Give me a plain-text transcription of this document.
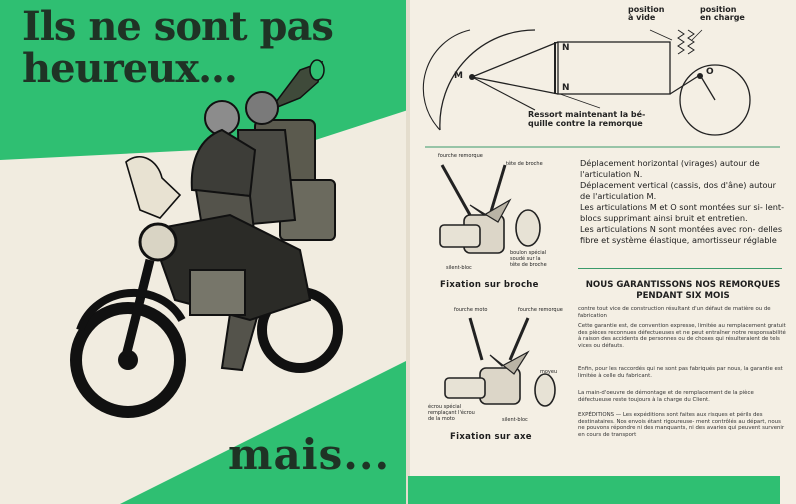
Ils ne sont pas
heureux...
mais...
position
à vide
position
en charge
M
N
N
O
Ressort maintenant la bé-
quille contre la remorque
fourche remorque
tête de broche
boulon spécial
soudé sur la
tête de broche
silent-bloc
Fixation sur broche

Déplacement horizontal (virages) autour de l'articulation N.

Déplacement vertical (cassis, dos d'âne) autour de l'articulation M.

Les articulations M et O sont montées sur si- lent-blocs supprimant ainsi bruit et entretien.

Les articulations N sont montées avec ron- delles fibre et système élastique, amortisseur réglable

NOUS GARANTISSONS NOS REMORQUES PENDANT SIX MOIS

contre tout vice de construction résultant d'un défaut de matière ou de fabrication

Cette garantie est, de convention expresse, limitée au remplacement gratuit des pièces reconnues défectueuses et ne peut entraîner notre responsabilité à raison des accidents de personnes ou de choses qui résulteraient de tels vices ou défauts.

Enfin, pour les raccordés qui ne sont pas fabriqués par nous, la garantie est limitée à celle du fabricant.

La main-d'oeuvre de démontage et de remplacement de la pièce défectueuse reste toujours à la charge du Client.

EXPÉDITIONS — Les expéditions sont faites aux risques et périls des destinataires. Nos envois étant rigoureuse- ment contrôlés au départ, nous ne pouvons répondre ni des manquants, ni des avaries qui peuvent survenir en cours de transport

fourche moto	fourche remorque
écrou spécial
remplaçant l'écrou
de la moto	silent-bloc
moyeu
Fixation sur axe
